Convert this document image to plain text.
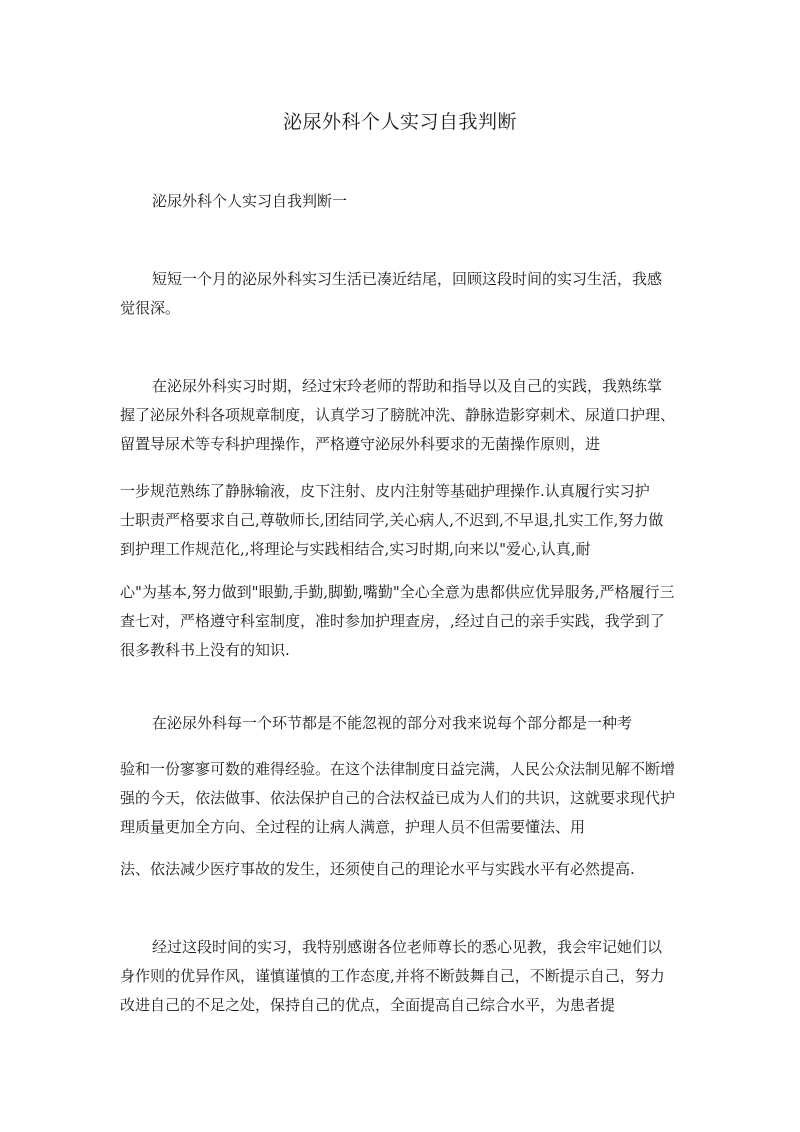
泌尿外科个人实习自我判断
泌尿外科个人实习自我判断一
短短一个月的泌尿外科实习生活已凑近结尾，回顾这段时间的实习生活，我感
觉很深。
在泌尿外科实习时期，经过宋玲老师的帮助和指导以及自己的实践，我熟练掌
握了泌尿外科各项规章制度，认真学习了膀胱冲洗、静脉造影穿刺术、尿道口护理、
留置导尿术等专科护理操作，严格遵守泌尿外科要求的无菌操作原则，进
一步规范熟练了静脉输液，皮下注射、皮内注射等基础护理操作.认真履行实习护
士职责严格要求自己,尊敬师长,团结同学,关心病人,不迟到,不早退,扎实工作,努力做
到护理工作规范化,,将理论与实践相结合,实习时期,向来以"爱心,认真,耐
心"为基本,努力做到"眼勤,手勤,脚勤,嘴勤"全心全意为患都供应优异服务,严格履行三
查七对，严格遵守科室制度，准时参加护理查房，,经过自己的亲手实践，我学到了
很多教科书上没有的知识.
在泌尿外科每一个环节都是不能忽视的部分对我来说每个部分都是一种考
验和一份寥寥可数的难得经验。在这个法律制度日益完满，人民公众法制见解不断增
强的今天，依法做事、依法保护自己的合法权益已成为人们的共识，这就要求现代护
理质量更加全方向、全过程的让病人满意，护理人员不但需要懂法、用
法、依法减少医疗事故的发生，还须使自己的理论水平与实践水平有必然提高.
经过这段时间的实习，我特别感谢各位老师尊长的悉心见教，我会牢记她们以
身作则的优异作风，谨慎谨慎的工作态度,并将不断鼓舞自己，不断提示自己，努力
改进自己的不足之处，保持自己的优点，全面提高自己综合水平，为患者提
